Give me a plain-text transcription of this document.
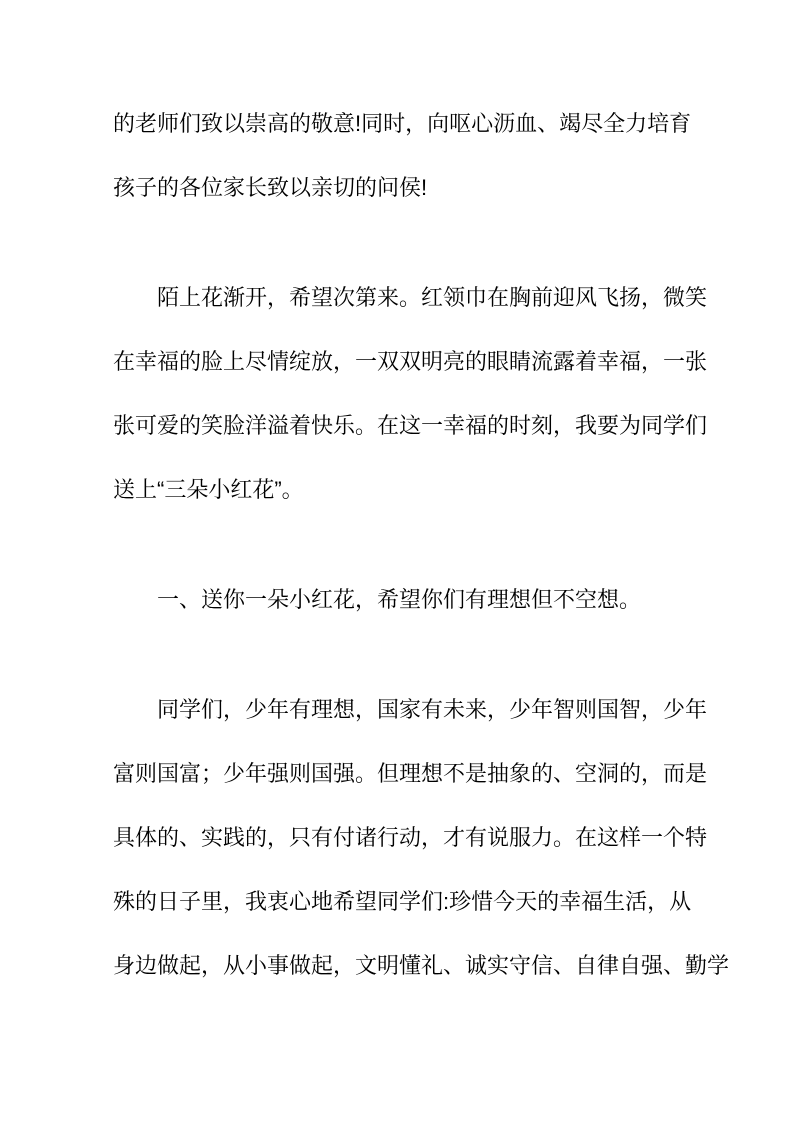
的老师们致以崇高的敬意!同时，向呕心沥血、竭尽全力培育
孩子的各位家长致以亲切的问侯!
陌上花渐开，希望次第来。红领巾在胸前迎风飞扬，微笑
在幸福的脸上尽情绽放，一双双明亮的眼睛流露着幸福，一张
张可爱的笑脸洋溢着快乐。在这一幸福的时刻，我要为同学们
送上“三朵小红花”。
一、送你一朵小红花，希望你们有理想但不空想。
同学们，少年有理想，国家有未来，少年智则国智，少年
富则国富；少年强则国强。但理想不是抽象的、空洞的，而是
具体的、实践的，只有付诸行动，才有说服力。在这样一个特
殊的日子里，我衷心地希望同学们:珍惜今天的幸福生活，从
身边做起，从小事做起，文明懂礼、诚实守信、自律自强、勤学
